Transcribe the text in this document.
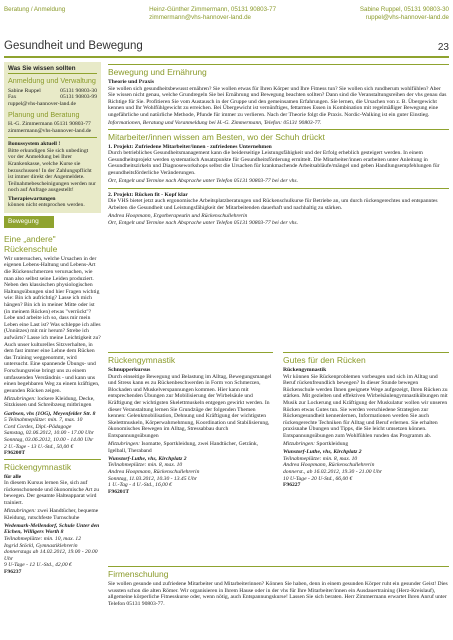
Beratung / Anmeldung	Heinz-Günther Zimmermann, 05131 90803-77
zimmermann@vhs-hannover-land.de
Sabine Ruppel, 05131 90803-30
ruppel@vhs-hannover-land.de
Gesundheit und Bewegung	23
Was Sie wissen sollten
Anmeldung und Verwaltung
Sabine Ruppel	05131 90803-30
Fax	05131 90803-99
ruppel@vhs-hannover-land.de
Planung und Beratung
H.-G. Zimmermann 05131 90803-77
zimmermann@vhs-hannover-land.de
Bonussystem aktuell !

Bitte erkundigen Sie sich unbedingt vor der Anmeldung bei Ihrer Krankenkasse, welche Kurse sie bezuschussen! In der Zahlungspflicht ist immer direkt der Angemeldete. Teilnahmebescheinigungen werden nur noch auf Anfrage ausgestellt!

Therapiewartungen

können nicht entsprochen werden.

Bewegung
Eine „andere" Rückenschule

Wir untersuchen, welche Ursachen in der eigenen Lebens-Haltung und Lebens-Art die Rückenschmerzen verursachen, wie man also selbst seine Leiden produziert. Neben den klassischen physiologischen Haltungsübungen sind hier Fragen wichtig wie: Bin ich aufrichtig? Lasse ich mich hängen? Bin ich in meiner Mitte oder ist (in meinem Rücken) etwas "verrückt"? Lebe und arbeite ich so, dass mir mein Leben eine Last ist? Was schleppe ich alles (Unnützes) mit mir herum? Strebe ich aufwärts? Lasse ich meine Leichtigkeit zu? Auch unser kulturelles Sitzverhalten, in dem fast immer eine Lehne dem Rücken das Training weggenommt, wird untersucht. Eine spannende Übungs- und Forschungsreise bringt uns zu einem umfassenden Verständnis - und kann uns einen begehbaren Weg zu einem kräftigen, gesunden Rücken zeigen.

Mitzubringen: lockere Kleidung, Decke, Sitzkissen und Schreibzeug mitbringen

Garbsen, vhs (1OG), Meyenfelder Str. 8
5 Teilnahmeplätze: min. 7, max. 10
Cord Cordes, Dipl.-Pädagoge
Samstag, 02.06.2012, 10.00 - 17.00 Uhr
Sonntag, 03.06.2012, 10.00 - 14.00 Uhr
2 U.-Tage - 13 U.-Std., 50,00 €
F96200T
Rückengymnastik
für alle

In diesem Kursus lernen Sie, sich auf rückenschonende und ökonomische Art zu bewegen. Der gesamte Halteapparat wird trainiert.

Mitzubringen: zwei Handtücher, bequeme Kleidung, rutschfeste Turnschuhe

Wedemark-Mellendorf, Schule Unter den Eichen, Willigers Worth 8
Teilnahmeplätze: min. 10, max. 12
Ingrid Stöckl, Gymnastiklehrerin
donnerstags ab 14.02.2012, 19.00 - 20.00 Uhr
9 U-Tage - 12 U.-Std., 42,00 €
F96237
Bewegung und Ernährung
Theorie und Praxis

Sie wollen sich gesundheitsbewusst ernähren? Sie wollen etwas für Ihren Körper und Ihre Fitness tun? Sie wollen sich rundherum wohlfühlen? Aber Sie wissen nicht genau, welche Grundregeln Sie bei Ernährung und Bewegung beachten sollten? Dann sind die Veranstaltungsreihen der vhs genau das Richtige für Sie. Profitieren Sie vom Austausch in der Gruppe und den gemeinsamen Erfahrungen. Sie lernen, die Ursachen von z. B. Übergewicht kennen und Ihr Wohlfühlgewicht zu erreichen. Bei Übergewicht ist vernünftiges, fettarmes Essen in Kombination mit regelmäßiger Bewegung eine ungefährliche und natürliche Methode, Pfunde für immer zu verlieren. Nach der Theorie folgt die Praxis. Nordic-Walking ist ein guter Einstieg.

Informationen, Beratung und Voranmeldung bei H.-G. Zimmermann, Telefon: 05131 90803-77.

Mitarbeiter/innen wissen am Besten, wo der Schuh drückt
1. Projekt: Zufriedene Mitarbeiter/innen - zufriedenes Unternehmen

Durch betriebliches Gesundheitsmanagement kann die beiderseitige Leistungsfähigkeit und der Erfolg erheblich gesteigert werden. In einem Gesundheitsprojekt werden systematisch Ansatzpunkte für Gesundheitsförderung ermittelt. Die Mitarbeiter/innen erarbeiten unter Anleitung in Gesundheitszirkeln und Diagnoseworkshops selbst die Ursachen für krankmachende Arbeitsabläufe/mängel und geben Handlungsempfehlungen für gesundheitsförderliche Veränderungen.

Ort, Entgelt und Termine nach Absprache unter Telefon 05131 90803-77 bei der vhs.

2. Projekt: Rücken fit - Kopf klar

Die VHS bietet jetzt auch ergonomische Arbeitsplatzberatungen und Rückenschulkurse für Betriebe an, um durch rückengerechtes und entspanntes Arbeiten die Gesundheit und Leistungsfähigkeit der Mitarbeitenden dauerhaft und nachhaltig zu stärken.

Andrea Hoopmann, Ergotherapeutin und Rückenschullehrerin

Ort, Entgelt und Termine nach Absprache unter Telefon 05131 90803-77 bei der vhs.

Rückengymnastik
Schnupperkursus

Durch einseitige Bewegung und Belastung im Alltag, Bewegungsmangel und Stress kann es zu Rückenbeschwerden in Form von Schmerzen, Blockaden und Muskelverspannungen kommen. Hier kann mit entsprechenden Übungen zur Mobilisierung der Wirbelsäule und Kräftigung der wichtigsten Skelettmuskeln entgegen gewirkt werden. In dieser Veranstaltung lernen Sie Grundzüge der folgenden Themen kennen: Gelenkmobilisation, Dehnung und Kräftigung der wichtigsten Skelettmuskeln, Körperwahrnehmung, Koordination und Stabilisierung, ökonomisches Bewegen im Alltag, Stressabbau durch Entspannungsübungen

Mitzubringen: Isomatte, Sportkleidung, zwei Handtücher, Getränk, Igelball, Theraband

Wunstorf-Luthe, vhs, Kirchplatz 2
Teilnahmeplätze: min. 8, max. 10
Andrea Hoopmann, Rückenschullehrerin
Sonntag, 11.03.2012, 10.30 - 13.45 Uhr
1 U.-Tag - 4 U.-Std., 16,00 €
F96201T
Gutes für den Rücken
Rückengymnastik

Wir können Sie Rückenproblemen vorbeugen und sich im Alltag und Beruf rückenfreundlich bewegen? In dieser Stunde bewegen Rückenschule werden Ihnen geeignete Wege aufgezeigt, Ihren Rücken zu stärken. Mit gezielten und effektiven Wirbelsäulengymnastikübungen mit Musik zur Lockerung und Kräftigung der Muskulatur wollen wir unseren Rücken etwas Gutes tun. Sie werden verschiedene Strategien zur Rückengesundheit kennenlernen, Informationen werden Sie auch rückengerechte Techniken für Alltag und Beruf erlernen. Sie erhalten praxisnahe Übungen und Tipps, die Sie leicht umsetzen können. Entspannungsübungen zum Wohlfühlen runden das Programm ab.

Mitzubringen: Sportkleidung

Wunstorf-Luthe, vhs, Kirchplatz 2
Teilnahmeplätze: min. 8, max. 10
Andrea Hoopmann, Rückenschullehrerin
donnerst., ab 16.02.2012, 19.30 - 21.00 Uhr
10 U-Tage - 20 U-Std., 66,00 €
F96227
Firmenschulung

Sie wollen gesunde und zufriedene Mitarbeiter und Mitarbeiterinnen? Können Sie haben, denn in einem gesunden Körper ruht ein gesunder Geist! Dies wussten schon die alten Römer. Wir organisieren in Ihrem Hause oder in der vhs für Ihre Mitarbeiter/innen ein Ausdauertraining (Herz-Kreislauf), allgemeine körperliche Fitnesskurse oder, wenn nötig, auch Entspannungskurse! Lassen Sie sich beraten. Herr Zimmermann erwartet Ihren Anruf unter Telefon 05131 90803-77.
